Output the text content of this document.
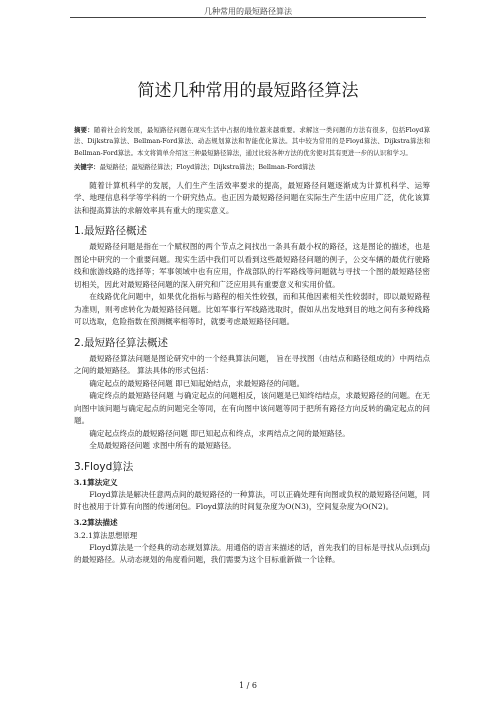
几种常用的最短路径算法
简述几种常用的最短路径算法

摘要：随着社会的发展，最短路径问题在现实生活中占据的地位越来越重要。求解这一类问题的方法有很多，包括Floyd算法、Dijkstra算法、Bellman-Ford算法、动态规划算法和智能优化算法。其中较为常用的是Floyd算法、Dijkstra算法和Bellman-Ford算法。本文将简单介绍这三种最短路径算法，通过比较各种方法的优劣使对其有更进一步的认识和学习。

关键字：最短路径；最短路径算法；Floyd算法；Dijkstra算法；Bellman-Ford算法

随着计算机科学的发展，人们生产生活效率要求的提高，最短路径问题逐渐成为计算机科学、运筹学、地理信息科学等学科的一个研究热点。也正因为最短路径问题在实际生产生活中应用广泛，优化该算法和提高算法的求解效率具有重大的现实意义。

1.最短路径概述

最短路径问题是指在一个赋权图的两个节点之间找出一条具有最小权的路径，这是图论的描述，也是图论中研究的一个重要问题。现实生活中我们可以看到这些最短路径问题的例子，公交车辆的最优行驶路线和旅游线路的选择等；军事领域中也有应用，作战部队的行军路线等问题就与寻找一个图的最短路径密切相关，因此对最短路径问题的深入研究和广泛应用具有重要意义和实用价值。

在线路优化问题中，如果优化指标与路程的相关性较强，而和其他因素相关性较弱时，即以最短路程为准则，则考虑转化为最短路径问题。比如军事行军线路选取时，假如从出发地到目的地之间有多种线路可以选取，危险指数在预测概率相等时，就要考虑最短路径问题。

2.最短路径算法概述

最短路径算法问题是图论研究中的一个经典算法问题， 旨在寻找图（由结点和路径组成的）中两结点之间的最短路径。 算法具体的形式包括：

确定起点的最短路径问题 即已知起始结点，求最短路径的问题。

确定终点的最短路径问题 与确定起点的问题相反，该问题是已知终结结点，求最短路径的问题。在无向图中该问题与确定起点的问题完全等同，在有向图中该问题等同于把所有路径方向反转的确定起点的问题。

确定起点终点的最短路径问题 即已知起点和终点，求两结点之间的最短路径。

全局最短路径问题 求图中所有的最短路径。

3.Floyd算法
3.1算法定义

Floyd算法是解决任意两点间的最短路径的一种算法，可以正确处理有向图或负权的最短路径问题，同时也被用于计算有向图的传递闭包。Floyd算法的时间复杂度为O(N3)，空间复杂度为O(N2)。

3.2算法描述
3.2.1算法思想原理

Floyd算法是一个经典的动态规划算法。用通俗的语言来描述的话，首先我们的目标是寻找从点i到点j的最短路径。从动态规划的角度看问题，我们需要为这个目标重新做一个诠释。

1 / 6
